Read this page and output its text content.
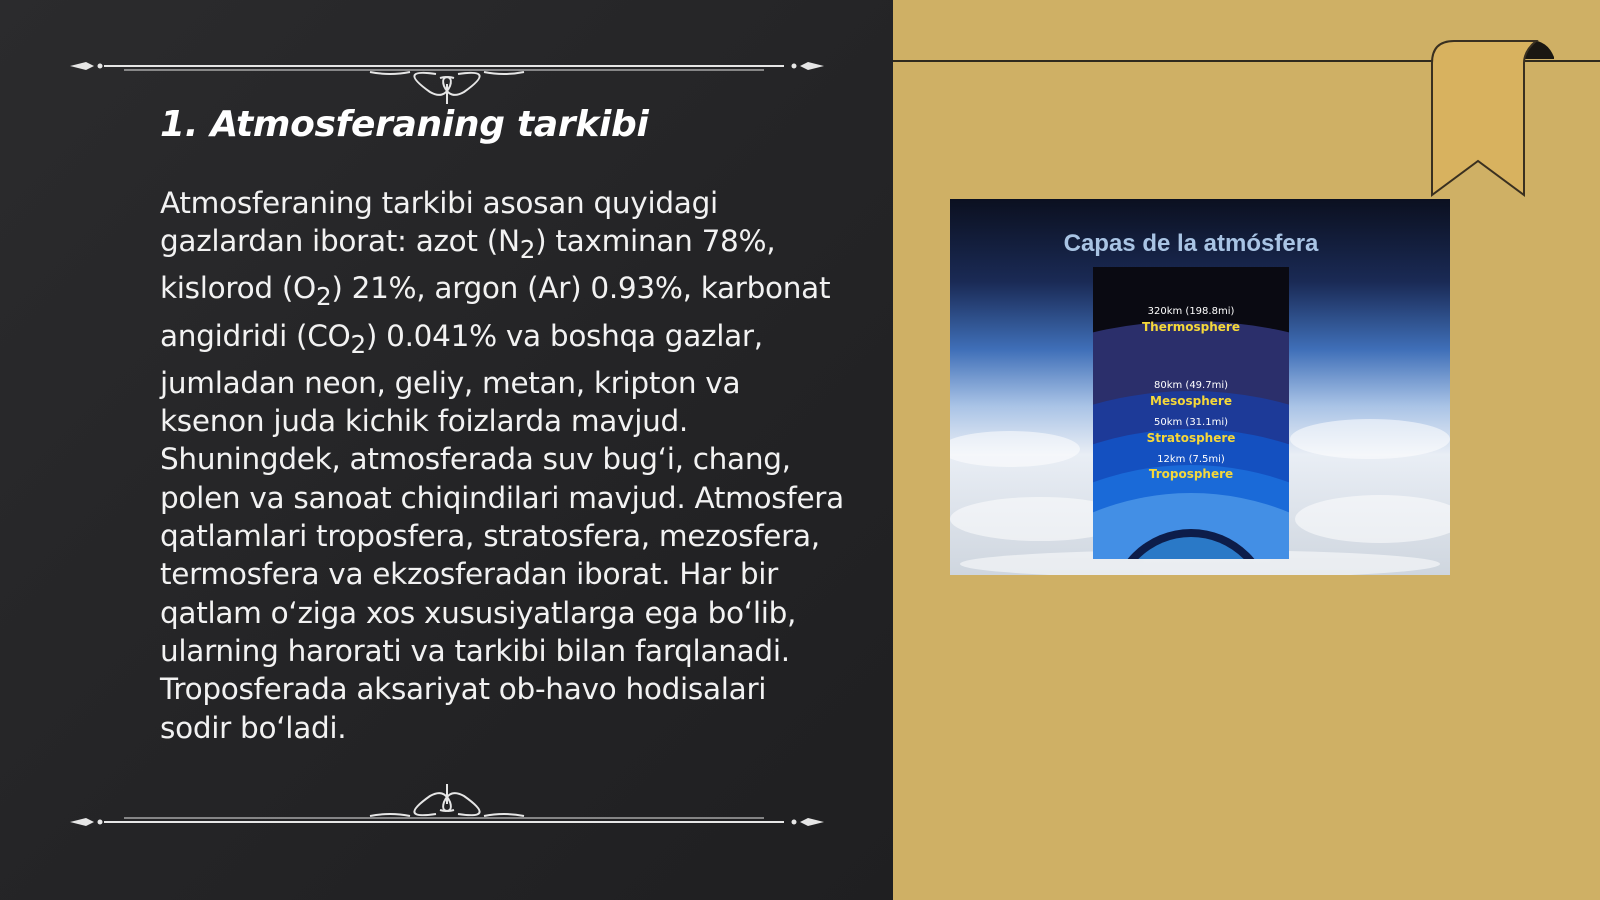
1. Atmosferaning tarkibi

Atmosferaning tarkibi asosan quyidagi gazlardan iborat: azot $(N_2)$ taxminan 78%, kislorod $(O_2)$ 21%, argon (Ar) 0.93%, karbonat angidridi $(CO_2)$ 0.041% va boshqa gazlar, jumladan neon, geliy, metan, kripton va ksenon juda kichik foizlarda mavjud. Shuningdek, atmosferada suv bug‘i, chang, polen va sanoat chiqindilari mavjud. Atmosfera qatlamlari troposfera, stratosfera, mezosfera, termosfera va ekzosferadan iborat. Har bir qatlam o‘ziga xos xususiyatlarga ega bo‘lib, ularning harorati va tarkibi bilan farqlanadi. Troposferada aksariyat ob-havo hodisalari sodir bo‘ladi.

Capas de la atmósfera
320km (198.8mi)
Thermosphere
80km (49.7mi)
Mesosphere
50km (31.1mi)
Stratosphere
12km (7.5mi)
Troposphere
